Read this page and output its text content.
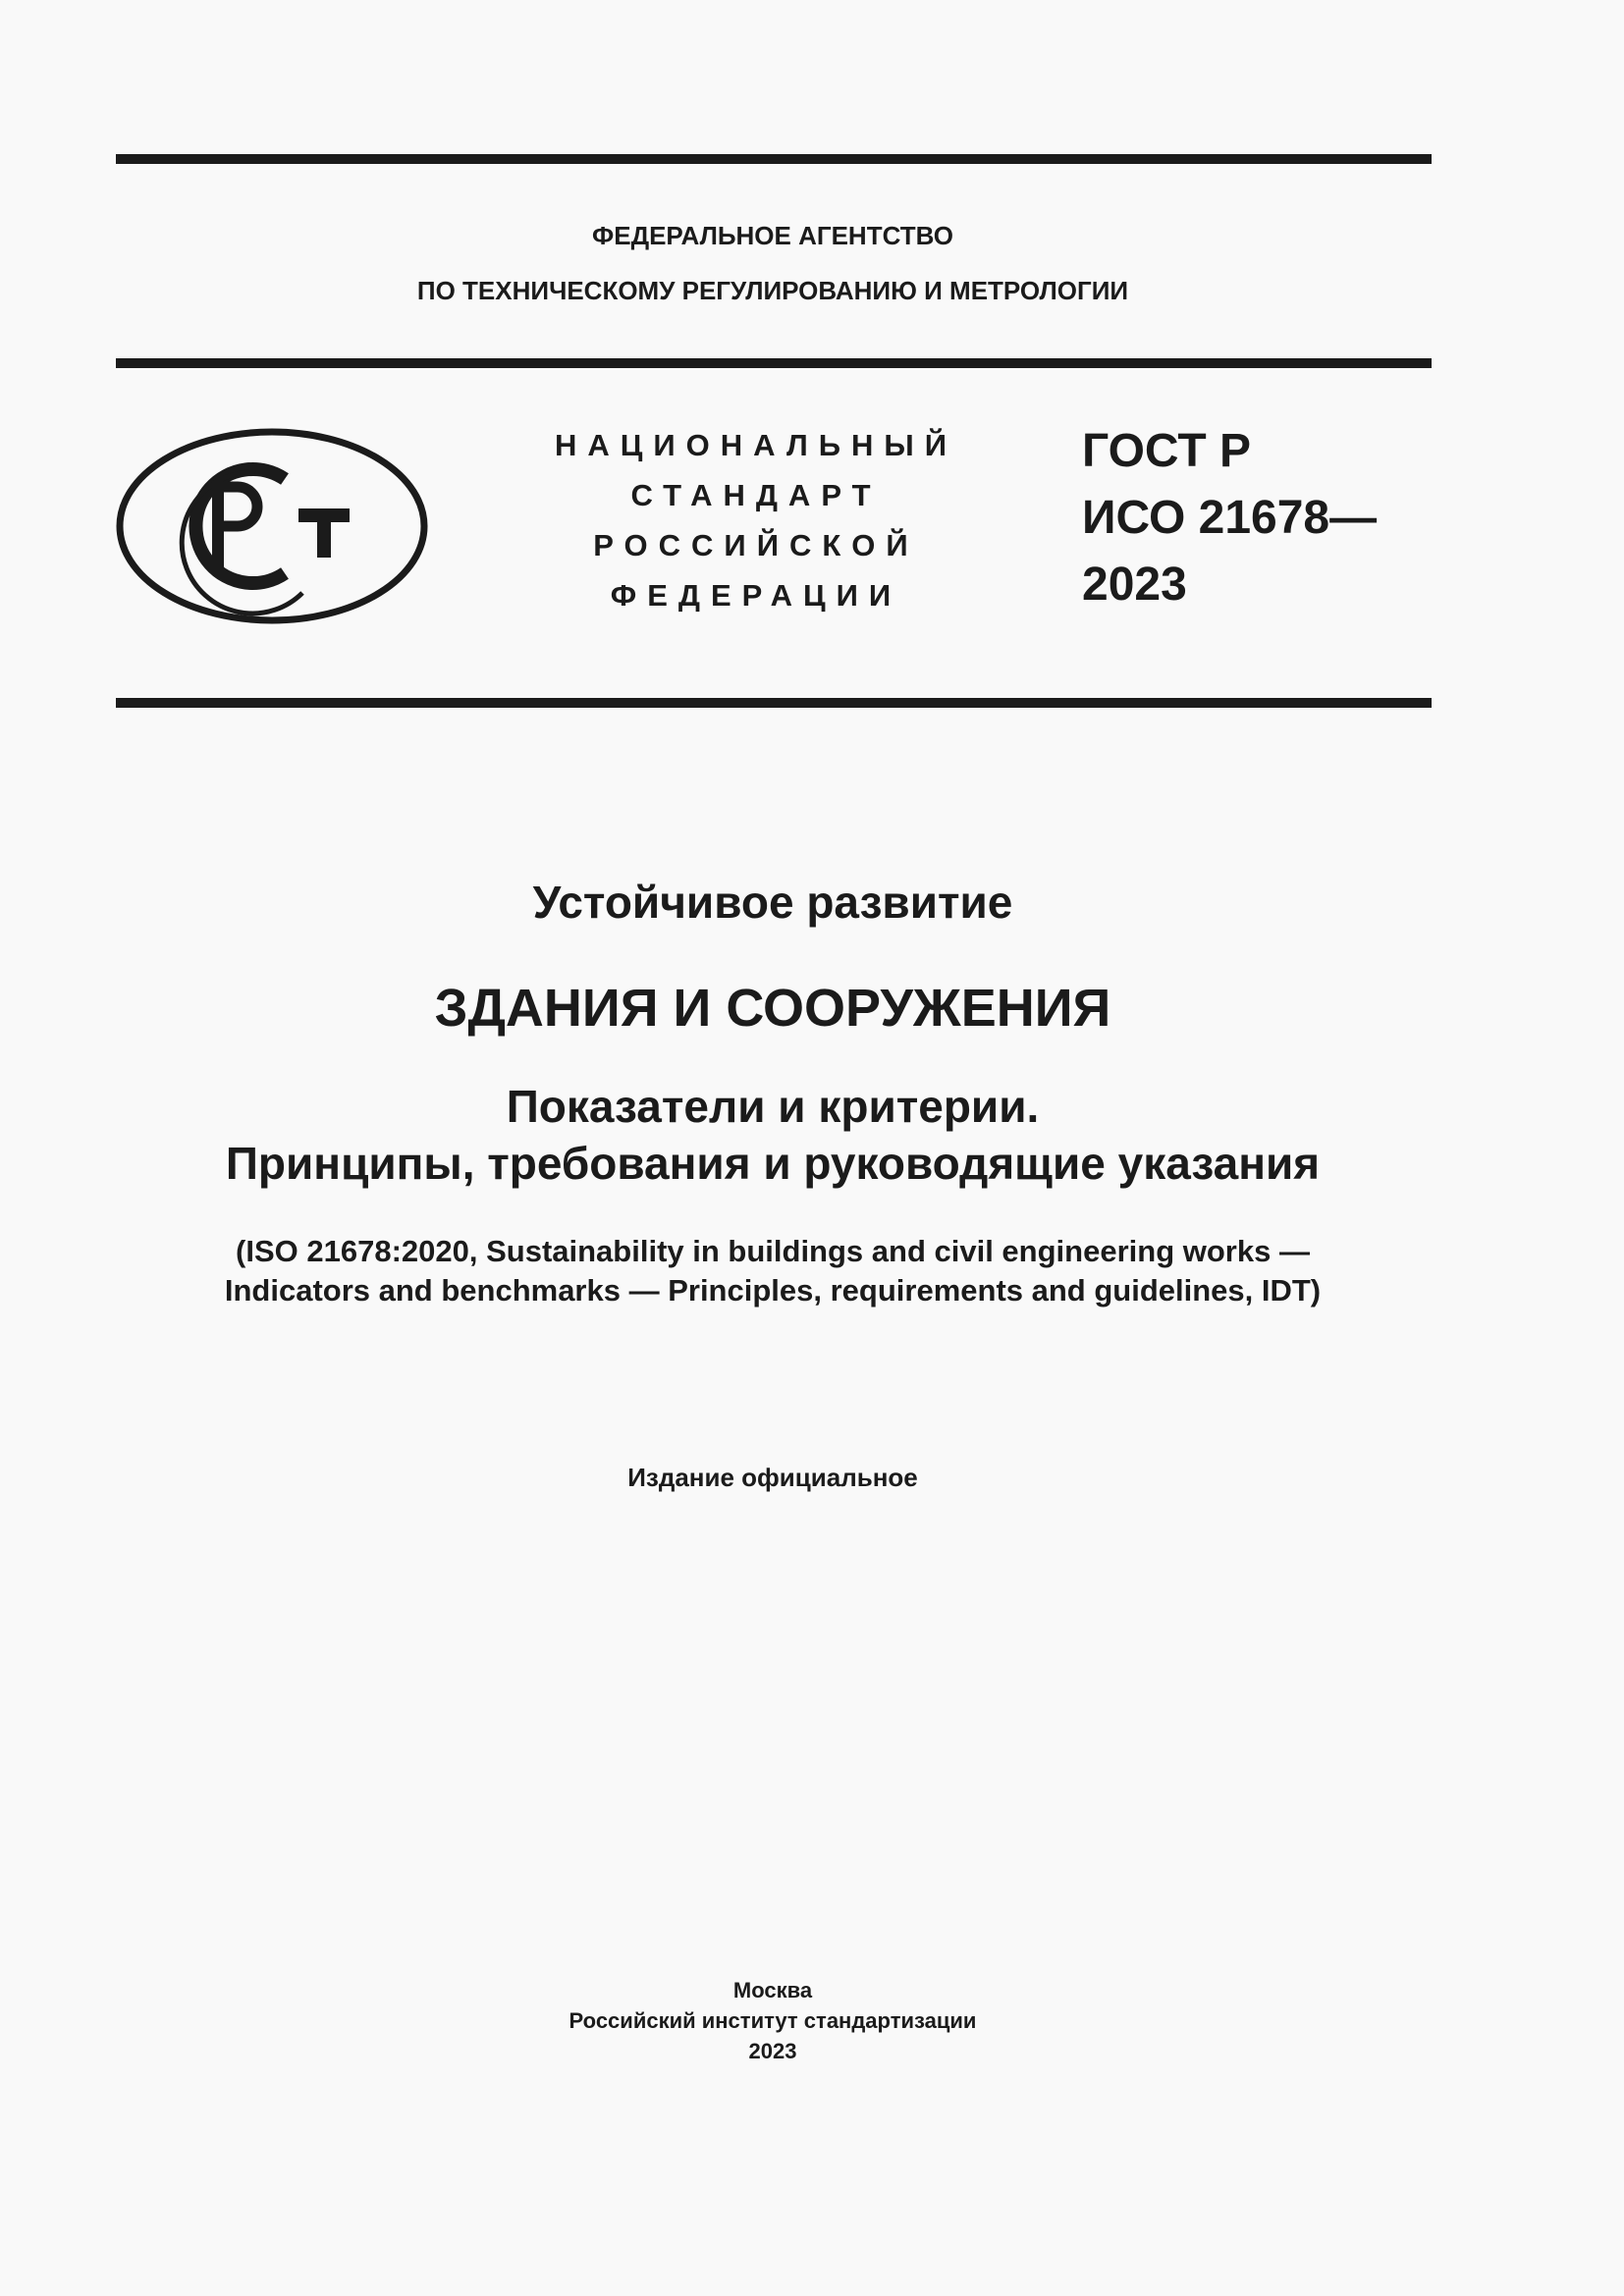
ФЕДЕРАЛЬНОЕ АГЕНТСТВО
ПО ТЕХНИЧЕСКОМУ РЕГУЛИРОВАНИЮ И МЕТРОЛОГИИ
НАЦИОНАЛЬНЫЙ
СТАНДАРТ
РОССИЙСКОЙ
ФЕДЕРАЦИИ
ГОСТ Р
ИСО 21678—
2023
Устойчивое развитие
ЗДАНИЯ И СООРУЖЕНИЯ
Показатели и критерии.
Принципы, требования и руководящие указания
(ISO 21678:2020, Sustainability in buildings and civil engineering works —
Indicators and benchmarks — Principles, requirements and guidelines, IDT)
Издание официальное
Москва
Российский институт стандартизации
2023
